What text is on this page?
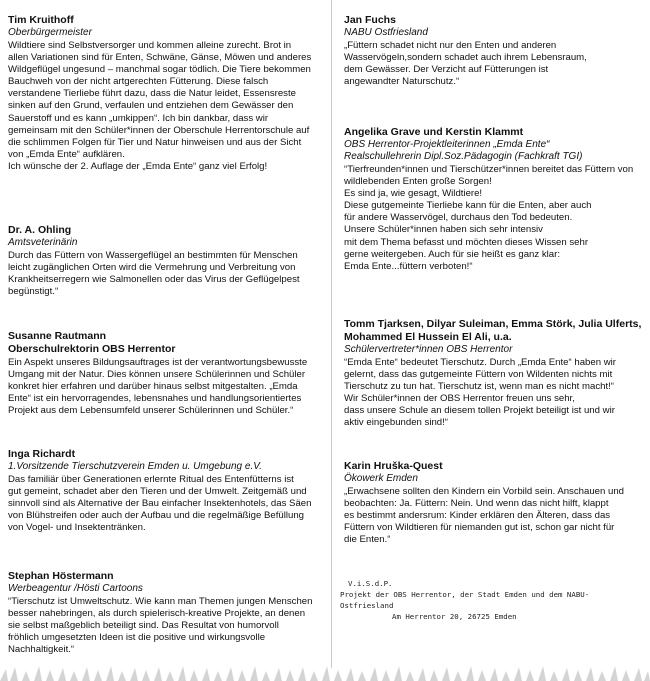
Tim Kruithoff
Oberbürgermeister
Wildtiere sind Selbstversorger und kommen alleine zurecht. Brot in
allen Variationen sind für Enten, Schwäne, Gänse, Möwen und anderes
Wildgeflügel ungesund – manchmal sogar tödlich. Die Tiere bekommen
Bauchweh von der nicht artgerechten Fütterung. Diese falsch
verstandene Tierliebe führt dazu, dass die Natur leidet, Essensreste
sinken auf den Grund, verfaulen und entziehen dem Gewässer den
Sauerstoff und es kann „umkippen“. Ich bin dankbar, dass wir
gemeinsam mit den Schüler*innen der Oberschule Herrentorschule auf
die schlimmen Folgen für Tier und Natur hinweisen und aus der Sicht
von „Emda Ente“ aufklären.
Ich wünsche der 2. Auflage der „Emda Ente“ ganz viel Erfolg!
Dr. A. Ohling
Amtsveterinärin
Durch das Füttern von Wassergeflügel an bestimmten für Menschen
leicht zugänglichen Orten wird die Vermehrung und Verbreitung von
Krankheitserregern wie Salmonellen oder das Virus der Geflügelpest
begünstigt.“
Susanne Rautmann
Oberschulrektorin OBS Herrentor
Ein Aspekt unseres Bildungsauftrages ist der verantwortungsbewusste
Umgang mit der Natur. Dies können unsere Schülerinnen und Schüler
konkret hier erfahren und darüber hinaus selbst mitgestalten. „Emda
Ente“ ist ein hervorragendes, lebensnahes und handlungsorientiertes
Projekt aus dem Lebensumfeld unserer Schülerinnen und Schüler.“
Inga Richardt
1.Vorsitzende Tierschutzverein Emden u. Umgebung e.V.
Das familiär über Generationen erlernte Ritual des Entenfütterns ist
gut gemeint, schadet aber den Tieren und der Umwelt. Zeitgemäß und
sinnvoll sind als Alternative der Bau einfacher Insektenhotels, das Säen
von Blühstreifen oder auch der Aufbau und die regelmäßige Befüllung
von Vogel- und Insektentränken.
Stephan Höstermann
Werbeagentur /Hösti Cartoons
“Tierschutz ist Umweltschutz. Wie kann man Themen jungen Menschen
besser nahebringen, als durch spielerisch-kreative Projekte, an denen
sie selbst maßgeblich beteiligt sind. Das Resultat von humorvoll
fröhlich umgesetzten Ideen ist die positive und wirkungsvolle
Nachhaltigkeit.“
Jan Fuchs
NABU Ostfriesland
„Füttern schadet nicht nur den Enten und anderen
Wasservögeln,sondern schadet auch ihrem Lebensraum,
dem Gewässer. Der Verzicht auf Fütterungen ist
angewandter Naturschutz.“
Angelika Grave und Kerstin Klammt
OBS Herrentor-Projektleiterinnen „Emda Ente“
Realschullehrerin Dipl.Soz.Pädagogin (Fachkraft TGI)
“Tierfreunden*innen und Tierschützer*innen bereitet das Füttern von
wildlebenden Enten große Sorgen!
Es sind ja, wie gesagt, Wildtiere!
Diese gutgemeinte Tierliebe kann für die Enten, aber auch
für andere Wasservögel, durchaus den Tod bedeuten.
Unsere Schüler*innen haben sich sehr intensiv
mit dem Thema befasst und möchten dieses Wissen sehr
gerne weitergeben. Auch für sie heißt es ganz klar:
Emda Ente...füttern verboten!“
Tomm Tjarksen, Dilyar Suleiman, Emma Störk, Julia Ulferts,
Mohammed El Hussein El Ali, u.a.
Schülervertreter*innen OBS Herrentor
“Emda Ente“ bedeutet Tierschutz. Durch „Emda Ente“ haben wir
gelernt, dass das gutgemeinte Füttern von Wildenten nichts mit
Tierschutz zu tun hat. Tierschutz ist, wenn man es nicht macht!“
Wir Schüler*innen der OBS Herrentor freuen uns sehr,
dass unsere Schule an diesem tollen Projekt beteiligt ist und wir
aktiv eingebunden sind!“
Karin Hruška-Quest
Ökowerk Emden
„Erwachsene sollten den Kindern ein Vorbild sein. Anschauen und
beobachten: Ja. Füttern: Nein. Und wenn das nicht hilft, klappt
es bestimmt andersrum: Kinder erklären den Älteren, dass das
Füttern von Wildtieren für niemanden gut ist, schon gar nicht für
die Enten.“
V.i.S.d.P.
Projekt der OBS Herrentor, der Stadt Emden und dem NABU-Ostfriesland
Am Herrentor 20, 26725 Emden
